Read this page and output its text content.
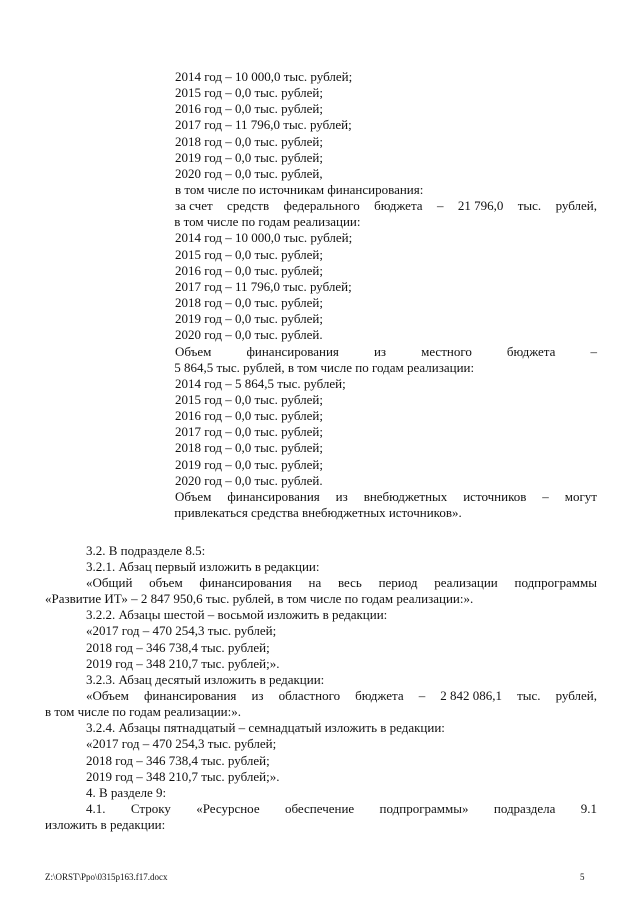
2014 год – 10 000,0 тыс. рублей;
2015 год – 0,0 тыс. рублей;
2016 год – 0,0 тыс. рублей;
2017 год – 11 796,0 тыс. рублей;
2018 год – 0,0 тыс. рублей;
2019 год – 0,0 тыс. рублей;
2020 год – 0,0 тыс. рублей,
в том числе по источникам финансирования:
за счет средств федерального бюджета – 21 796,0 тыс. рублей,
в том числе по годам реализации:
2014 год – 10 000,0 тыс. рублей;
2015 год – 0,0 тыс. рублей;
2016 год – 0,0 тыс. рублей;
2017 год – 11 796,0 тыс. рублей;
2018 год – 0,0 тыс. рублей;
2019 год – 0,0 тыс. рублей;
2020 год – 0,0 тыс. рублей.
Объем	финансирования	из	местного	бюджета	–
5 864,5 тыс. рублей, в том числе по годам реализации:
2014 год – 5 864,5 тыс. рублей;
2015 год – 0,0 тыс. рублей;
2016 год – 0,0 тыс. рублей;
2017 год – 0,0 тыс. рублей;
2018 год – 0,0 тыс. рублей;
2019 год – 0,0 тыс. рублей;
2020 год – 0,0 тыс. рублей.
Объем финансирования из внебюджетных источников – могут
привлекаться средства внебюджетных источников».
3.2. В подразделе 8.5:
3.2.1. Абзац первый изложить в редакции:
«Общий объем финансирования на весь период реализации подпрограммы
«Развитие ИТ» – 2 847 950,6 тыс. рублей, в том числе по годам реализации:».
3.2.2. Абзацы шестой – восьмой изложить в редакции:
«2017 год – 470 254,3 тыс. рублей;
2018 год – 346 738,4 тыс. рублей;
2019 год – 348 210,7 тыс. рублей;».
3.2.3. Абзац десятый изложить в редакции:
«Объем финансирования из областного бюджета – 2 842 086,1 тыс. рублей,
в том числе по годам реализации:».
3.2.4. Абзацы пятнадцатый – семнадцатый изложить в редакции:
«2017 год – 470 254,3 тыс. рублей;
2018 год – 346 738,4 тыс. рублей;
2019 год – 348 210,7 тыс. рублей;».
4. В разделе 9:
4.1. Строку «Ресурсное обеспечение подпрограммы» подраздела 9.1
изложить в редакции:
Z:\ORST\Ppo\0315p163.f17.docx	5
